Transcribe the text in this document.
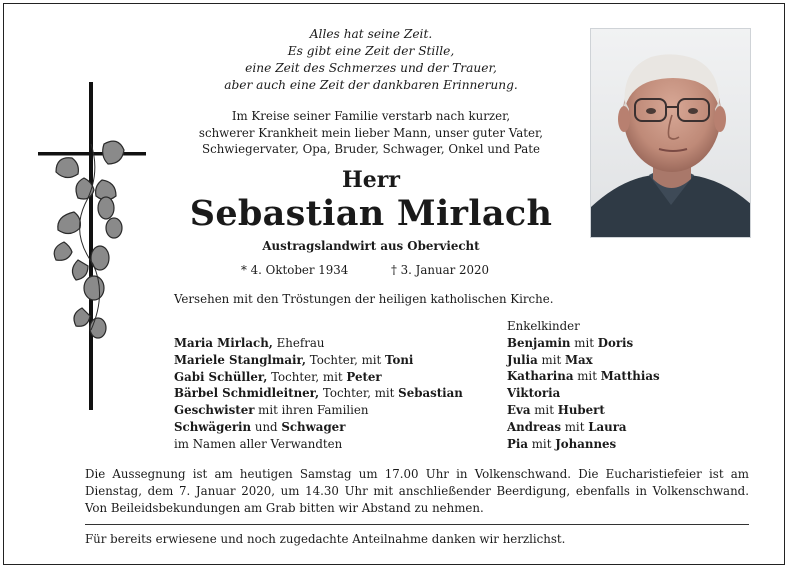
Alles hat seine Zeit.
Es gibt eine Zeit der Stille,
eine Zeit des Schmerzes und der Trauer,
aber auch eine Zeit der dankbaren Erinnerung.
Im Kreise seiner Familie verstarb nach kurzer,
schwerer Krankheit mein lieber Mann, unser guter Vater,
Schwiegervater, Opa, Bruder, Schwager, Onkel und Pate
Herr
Sebastian Mirlach
Austragslandwirt aus Oberviecht
* 4. Oktober 1934	† 3. Januar 2020
Versehen mit den Tröstungen der heiligen katholischen Kirche.
Maria Mirlach, Ehefrau
Mariele Stanglmair, Tochter, mit Toni
Gabi Schüller, Tochter, mit Peter
Bärbel Schmidleitner, Tochter, mit Sebastian
Geschwister mit ihren Familien
Schwägerin und Schwager
im Namen aller Verwandten
Enkelkinder
Benjamin mit Doris
Julia mit Max
Katharina mit Matthias
Viktoria
Eva mit Hubert
Andreas mit Laura
Pia mit Johannes
Die Aussegnung ist am heutigen Samstag um 17.00 Uhr in Volkenschwand. Die Eucharistiefeier ist am
Dienstag, dem 7. Januar 2020, um 14.30 Uhr mit anschließender Beerdigung, ebenfalls in Volkenschwand.
Von Beileidsbekundungen am Grab bitten wir Abstand zu nehmen.
Für bereits erwiesene und noch zugedachte Anteilnahme danken wir herzlichst.
